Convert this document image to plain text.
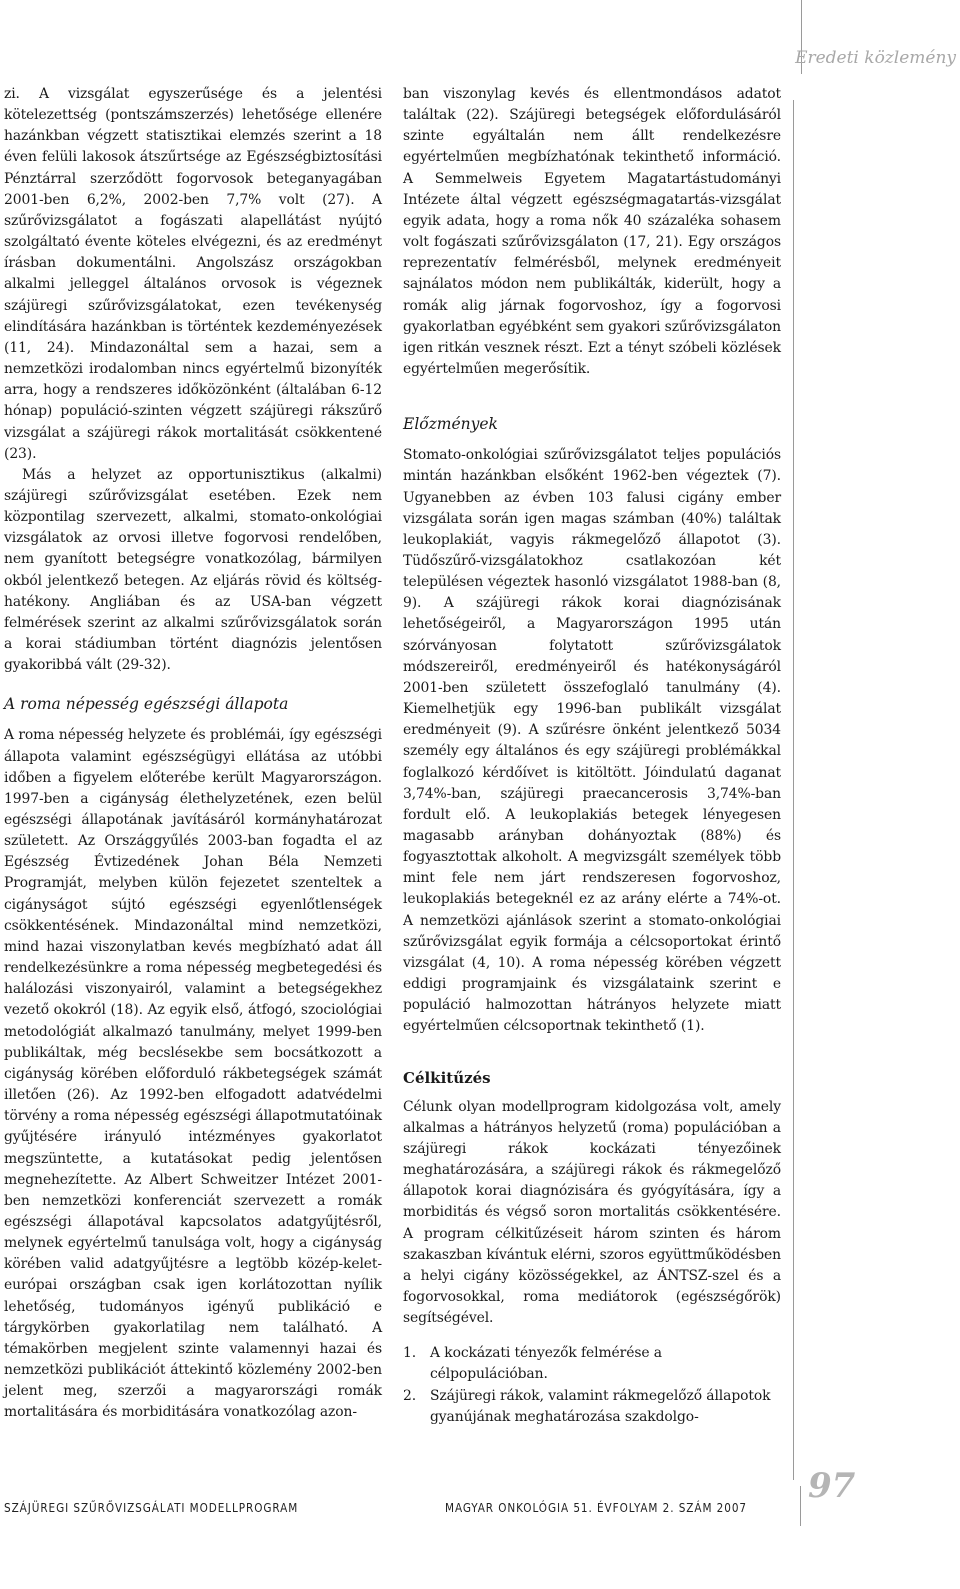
Eredeti közlemény

zi. A vizsgálat egyszerűsége és a jelentési kötelezettség (pontszámszerzés) lehetősége ellenére hazánkban végzett statisztikai elemzés szerint a 18 éven felüli lakosok átszűrtsége az Egészségbiztosítási Pénztárral szerződött fogorvosok beteganyagában 2001-ben 6,2%, 2002-ben 7,7% volt (27). A szűrővizsgálatot a fogászati alapellátást nyújtó szolgáltató évente köteles elvégezni, és az eredményt írásban dokumentálni. Angolszász országokban alkalmi jelleggel általános orvosok is végeznek szájüregi szűrővizsgálatokat, ezen tevékenység elindítására hazánkban is történtek kezdeményezések (11, 24). Mindazonáltal sem a hazai, sem a nemzetközi irodalomban nincs egyértelmű bizonyíték arra, hogy a rendszeres időközönként (általában 6-12 hónap) populáció-szinten végzett szájüregi rákszűrő vizsgálat a szájüregi rákok mortalitását csökkentené (23).

Más a helyzet az opportunisztikus (alkalmi) szájüregi szűrővizsgálat esetében. Ezek nem központilag szervezett, alkalmi, stomato-onkológiai vizsgálatok az orvosi illetve fogorvosi rendelőben, nem gyanított betegségre vonatkozólag, bármilyen okból jelentkező betegen. Az eljárás rövid és költség-hatékony. Angliában és az USA-ban végzett felmérések szerint az alkalmi szűrővizsgálatok során a korai stádiumban történt diagnózis jelentősen gyakoribbá vált (29-32).

A roma népesség egészségi állapota

A roma népesség helyzete és problémái, így egészségi állapota valamint egészségügyi ellátása az utóbbi időben a figyelem előterébe került Magyarországon. 1997-ben a cigányság élethelyzetének, ezen belül egészségi állapotának javításáról kormányhatározat született. Az Országgyűlés 2003-ban fogadta el az Egészség Évtizedének Johan Béla Nemzeti Programját, melyben külön fejezetet szenteltek a cigányságot sújtó egészségi egyenlőtlenségek csökkentésének. Mindazonáltal mind nemzetközi, mind hazai viszonylatban kevés megbízható adat áll rendelkezésünkre a roma népesség megbetegedési és halálozási viszonyairól, valamint a betegségekhez vezető okokról (18). Az egyik első, átfogó, szociológiai metodológiát alkalmazó tanulmány, melyet 1999-ben publikáltak, még becslésekbe sem bocsátkozott a cigányság körében előforduló rákbetegségek számát illetően (26). Az 1992-ben elfogadott adatvédelmi törvény a roma népesség egészségi állapotmutatóinak gyűjtésére irányuló intézményes gyakorlatot megszüntette, a kutatásokat pedig jelentősen megnehezítette. Az Albert Schweitzer Intézet 2001-ben nemzetközi konferenciát szervezett a romák egészségi állapotával kapcsolatos adatgyűjtésről, melynek egyértelmű tanulsága volt, hogy a cigányság körében valid adatgyűjtésre a legtöbb közép-kelet-európai országban csak igen korlátozottan nyílik lehetőség, tudományos igényű publikáció e tárgykörben gyakorlatilag nem található. A témakörben megjelent szinte valamennyi hazai és nemzetközi publikációt áttekintő közlemény 2002-ben jelent meg, szerzői a magyarországi romák mortalitására és morbiditására vonatkozólag azon-

ban viszonylag kevés és ellentmondásos adatot találtak (22). Szájüregi betegségek előfordulásáról szinte egyáltalán nem állt rendelkezésre egyértelműen megbízhatónak tekinthető információ. A Semmelweis Egyetem Magatartástudományi Intézete által végzett egészségmagatartás-vizsgálat egyik adata, hogy a roma nők 40 százaléka sohasem volt fogászati szűrővizsgálaton (17, 21). Egy országos reprezentatív felmérésből, melynek eredményeit sajnálatos módon nem publikálták, kiderült, hogy a romák alig járnak fogorvoshoz, így a fogorvosi gyakorlatban egyébként sem gyakori szűrővizsgálaton igen ritkán vesznek részt. Ezt a tényt szóbeli közlések egyértelműen megerősítik.

Előzmények

Stomato-onkológiai szűrővizsgálatot teljes populációs mintán hazánkban elsőként 1962-ben végeztek (7). Ugyanebben az évben 103 falusi cigány ember vizsgálata során igen magas számban (40%) találtak leukoplakiát, vagyis rákmegelőző állapotot (3). Tüdőszűrő-vizsgálatokhoz csatlakozóan két településen végeztek hasonló vizsgálatot 1988-ban (8, 9). A szájüregi rákok korai diagnózisának lehetőségeiről, a Magyarországon 1995 után szórványosan folytatott szűrővizsgálatok módszereiről, eredményeiről és hatékonyságáról 2001-ben született összefoglaló tanulmány (4). Kiemelhetjük egy 1996-ban publikált vizsgálat eredményeit (9). A szűrésre önként jelentkező 5034 személy egy általános és egy szájüregi problémákkal foglalkozó kérdőívet is kitöltött. Jóindulatú daganat 3,74%-ban, szájüregi praecancerosis 3,74%-ban fordult elő. A leukoplakiás betegek lényegesen magasabb arányban dohányoztak (88%) és fogyasztottak alkoholt. A megvizsgált személyek több mint fele nem járt rendszeresen fogorvoshoz, leukoplakiás betegeknél ez az arány elérte a 74%-ot. A nemzetközi ajánlások szerint a stomato-onkológiai szűrővizsgálat egyik formája a célcsoportokat érintő vizsgálat (4, 10). A roma népesség körében végzett eddigi programjaink és vizsgálataink szerint e populáció halmozottan hátrányos helyzete miatt egyértelműen célcsoportnak tekinthető (1).

Célkitűzés

Célunk olyan modellprogram kidolgozása volt, amely alkalmas a hátrányos helyzetű (roma) populációban a szájüregi rákok kockázati tényezőinek meghatározására, a szájüregi rákok és rákmegelőző állapotok korai diagnózisára és gyógyítására, így a morbiditás és végső soron mortalitás csökkentésére. A program célkitűzéseit három szinten és három szakaszban kívántuk elérni, szoros együttműködésben a helyi cigány közösségekkel, az ÁNTSZ-szel és a fogorvosokkal, roma mediátorok (egészségőrök) segítségével.

1. A kockázati tényezők felmérése a célpopulációban.
2. Szájüregi rákok, valamint rákmegelőző állapotok gyanújának meghatározása szakdolgo-
SZÁJÜREGI SZŰRŐVIZSGÁLATI MODELLPROGRAM	MAGYAR ONKOLÓGIA 51. ÉVFOLYAM 2. SZÁM 2007
97
